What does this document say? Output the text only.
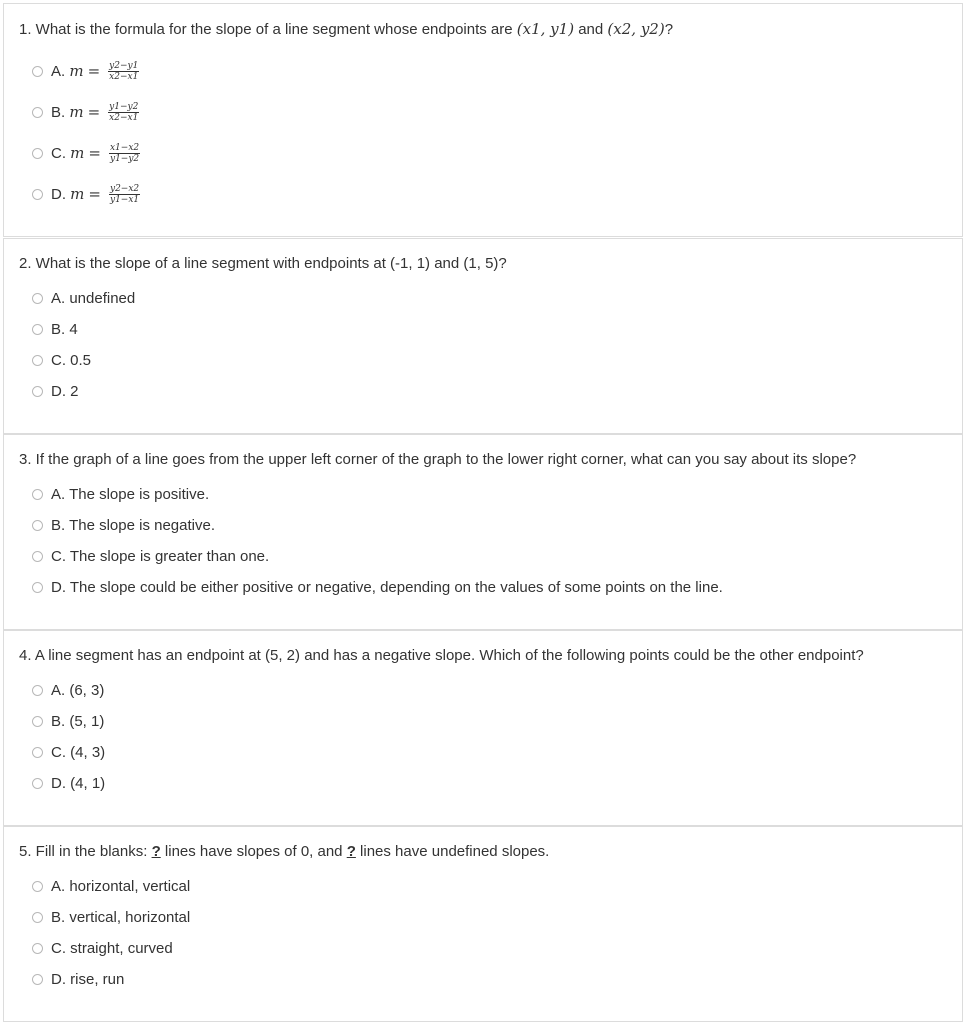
1. What is the formula for the slope of a line segment whose endpoints are (x1, y1) and (x2, y2)?
A.
$m = \frac{y2-y1}{x2-x1}$
B.
$m = \frac{y1-y2}{x2-x1}$
C.
$m = \frac{x1-x2}{y1-y2}$
D.
$m = \frac{y2-x2}{y1-x1}$
2. What is the slope of a line segment with endpoints at (-1, 1) and (1, 5)?
A. undefined
B. 4
C. 0.5
D. 2
3. If the graph of a line goes from the upper left corner of the graph to the lower right corner, what can you say about its slope?
A. The slope is positive.
B. The slope is negative.
C. The slope is greater than one.
D. The slope could be either positive or negative, depending on the values of some points on the line.
4. A line segment has an endpoint at (5, 2) and has a negative slope. Which of the following points could be the other endpoint?
A. (6, 3)
B. (5, 1)
C. (4, 3)
D. (4, 1)
5. Fill in the blanks: ? lines have slopes of 0, and ? lines have undefined slopes.
A. horizontal, vertical
B. vertical, horizontal
C. straight, curved
D. rise, run
